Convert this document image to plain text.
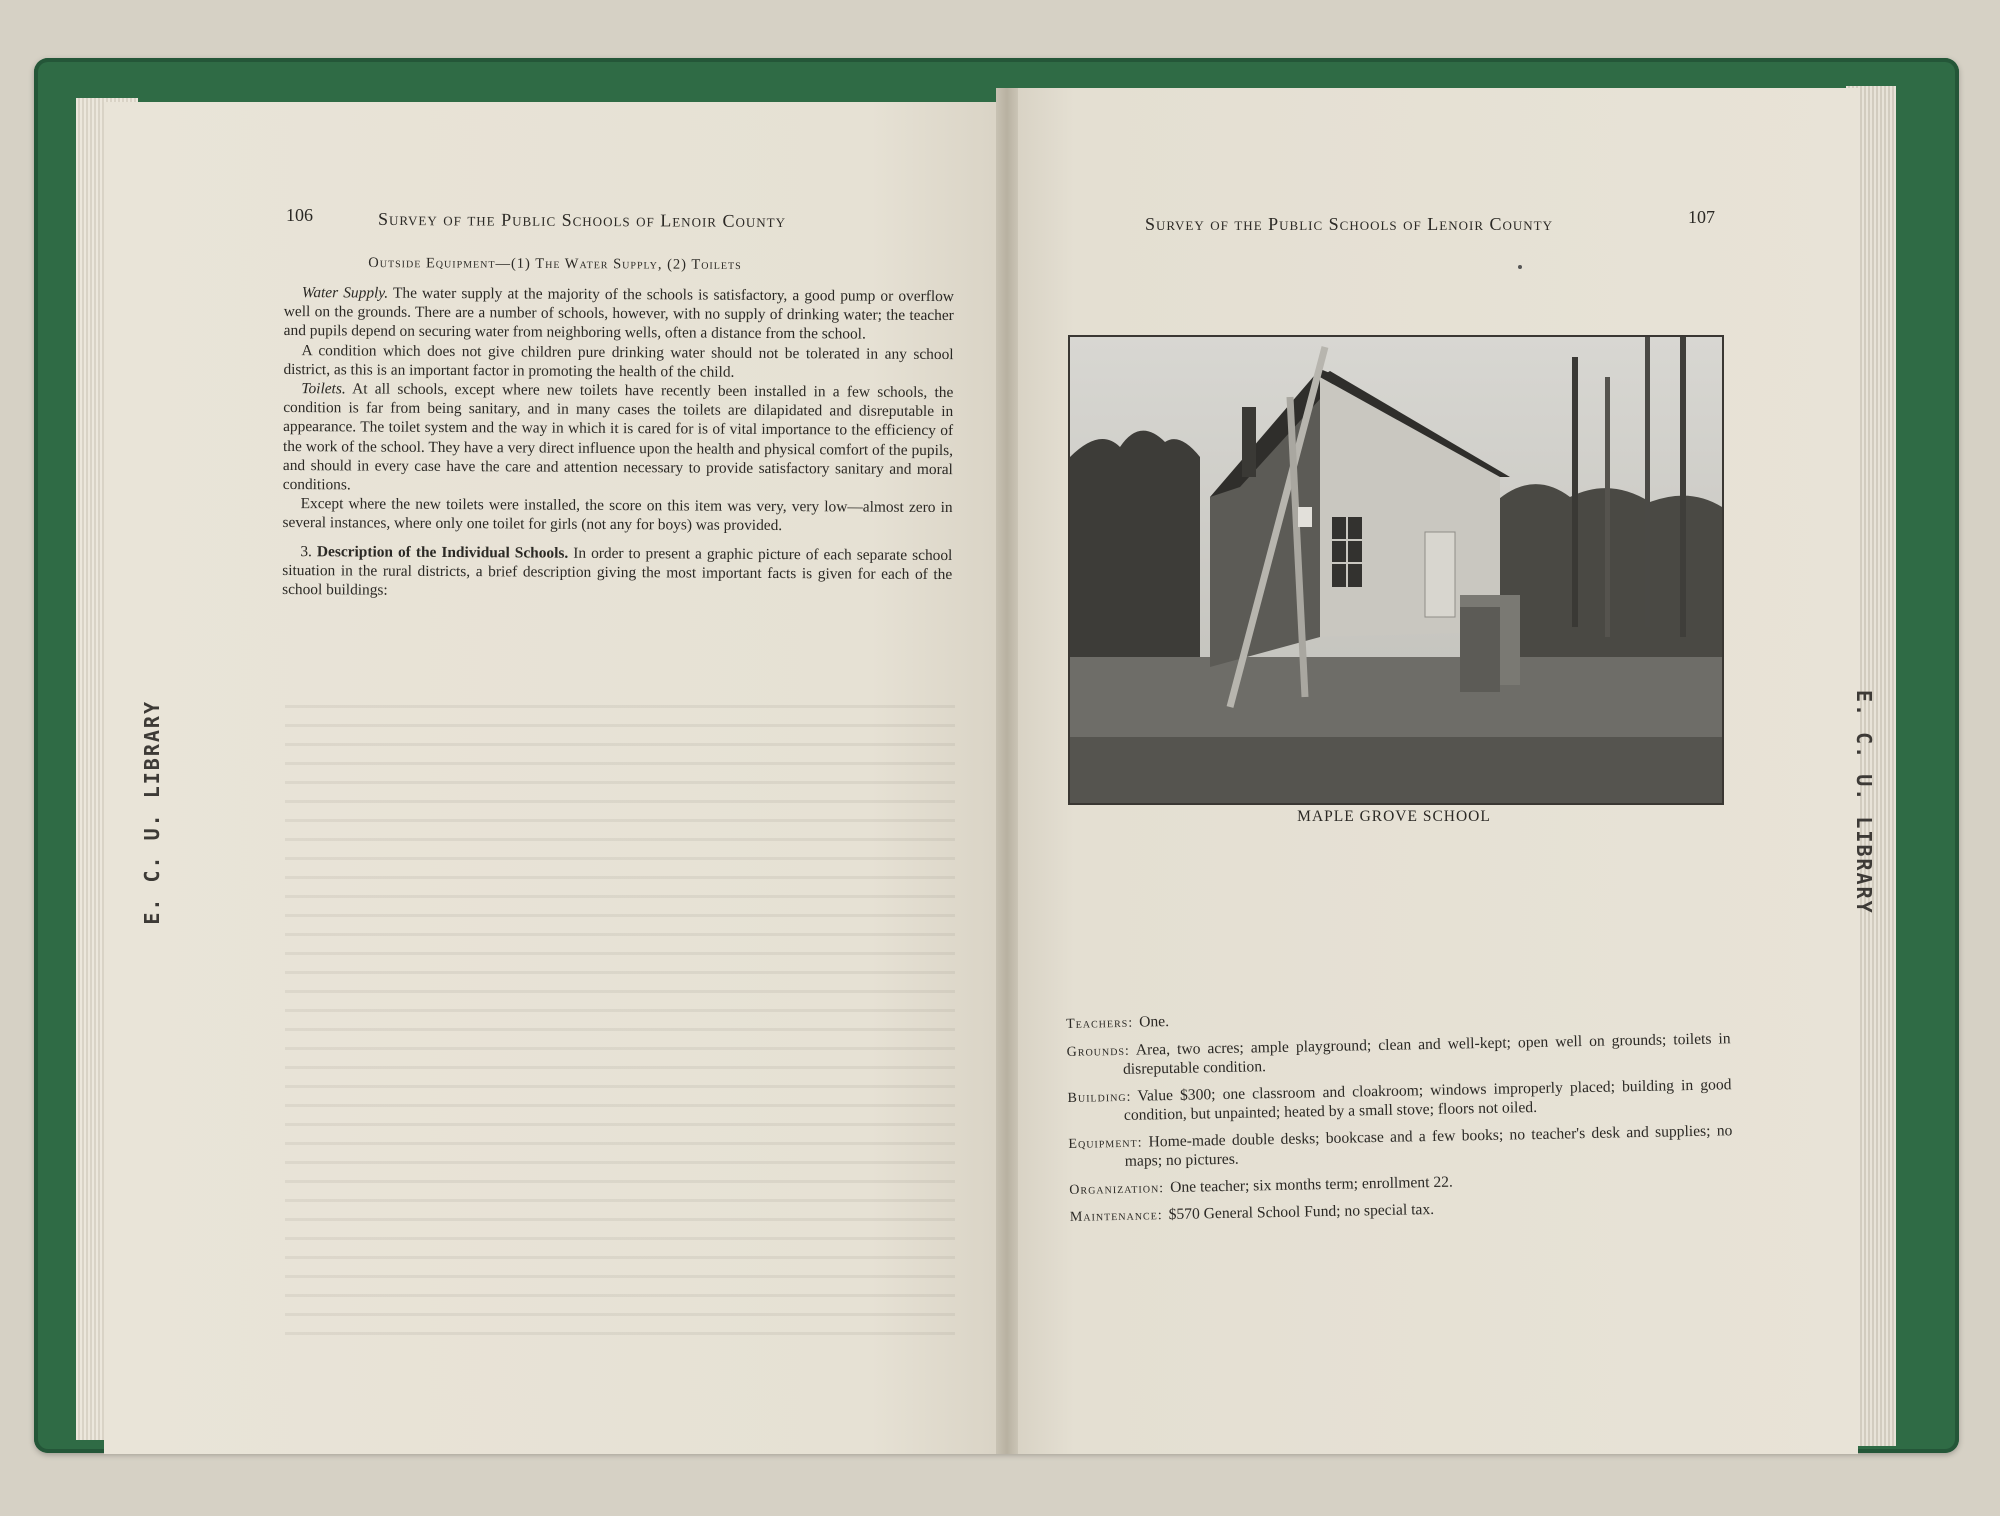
106	Survey of the Public Schools of Lenoir County
Outside Equipment—(1) The Water Supply, (2) Toilets

Water Supply. The water supply at the majority of the schools is satisfactory, a good pump or overflow well on the grounds. There are a number of schools, however, with no supply of drinking water; the teacher and pupils depend on securing water from neighboring wells, often a distance from the school.

A condition which does not give children pure drinking water should not be tolerated in any school district, as this is an important factor in promoting the health of the child.

Toilets. At all schools, except where new toilets have recently been installed in a few schools, the condition is far from being sanitary, and in many cases the toilets are dilapidated and disreputable in appearance. The toilet system and the way in which it is cared for is of vital importance to the efficiency of the work of the school. They have a very direct influence upon the health and physical comfort of the pupils, and should in every case have the care and attention necessary to provide satisfactory sanitary and moral conditions.

Except where the new toilets were installed, the score on this item was very, very low—almost zero in several instances, where only one toilet for girls (not any for boys) was provided.

3. Description of the Individual Schools. In order to present a graphic picture of each separate school situation in the rural districts, a brief description giving the most important facts is given for each of the school buildings:

E. C. U. LIBRARY
Survey of the Public Schools of Lenoir County	107
MAPLE GROVE SCHOOL
Teachers: One.
Grounds: Area, two acres; ample playground; clean and well-kept; open well on grounds; toilets in disreputable condition.
Building: Value $300; one classroom and cloakroom; windows improperly placed; building in good condition, but unpainted; heated by a small stove; floors not oiled.
Equipment: Home-made double desks; bookcase and a few books; no teacher's desk and supplies; no maps; no pictures.
Organization: One teacher; six months term; enrollment 22.
Maintenance: $570 General School Fund; no special tax.
E. C. U. LIBRARY
